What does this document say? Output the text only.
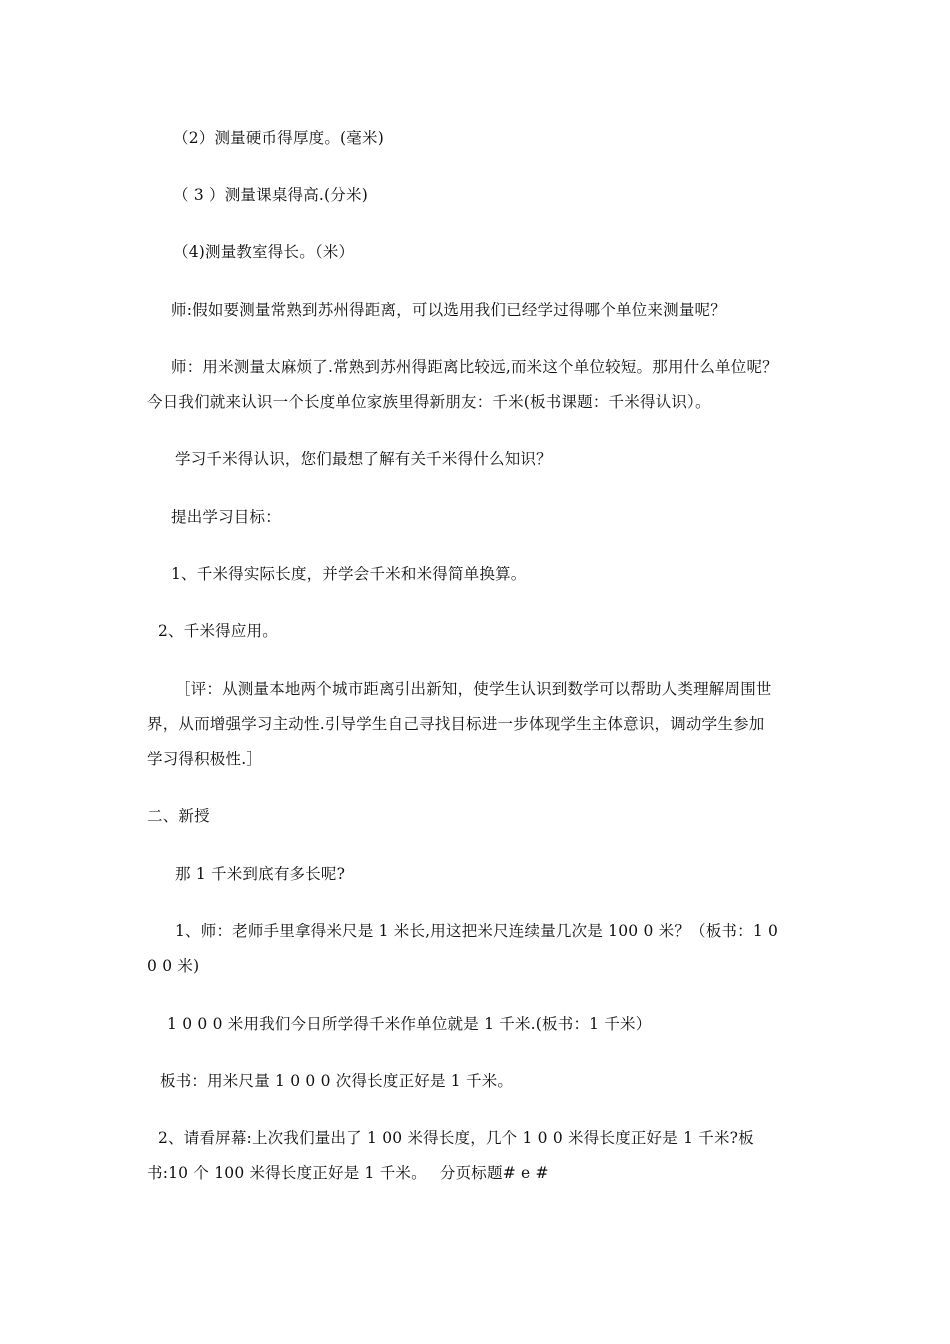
（2）测量硬币得厚度。(毫米)
（ 3 ）测量课桌得高.(分米)
（4)测量教室得长。（米）
师:假如要测量常熟到苏州得距离，可以选用我们已经学过得哪个单位来测量呢？
师：用米测量太麻烦了.常熟到苏州得距离比较远,而米这个单位较短。那用什么单位呢？
今日我们就来认识一个长度单位家族里得新朋友：千米(板书课题：千米得认识）。
学习千米得认识，您们最想了解有关千米得什么知识？
提出学习目标：
1、千米得实际长度，并学会千米和米得简单换算。
2、千米得应用。
［评：从测量本地两个城市距离引出新知，使学生认识到数学可以帮助人类理解周围世
界，从而增强学习主动性.引导学生自己寻找目标进一步体现学生主体意识，调动学生参加
学习得积极性.］
二、新授
那 1 千米到底有多长呢?
1、师：老师手里拿得米尺是 1 米长,用这把米尺连续量几次是 100 0 米？（板书：1 0
0 0 米)
1 0 0 0 米用我们今日所学得千米作单位就是 1 千米.(板书：1 千米）
板书：用米尺量 1 0 0 0 次得长度正好是 1 千米。
2、请看屏幕:上次我们量出了 1 00 米得长度，几个 1 0 0 米得长度正好是 1 千米?板
书:10 个 100 米得长度正好是 1 千米。　 分页标题# e #
